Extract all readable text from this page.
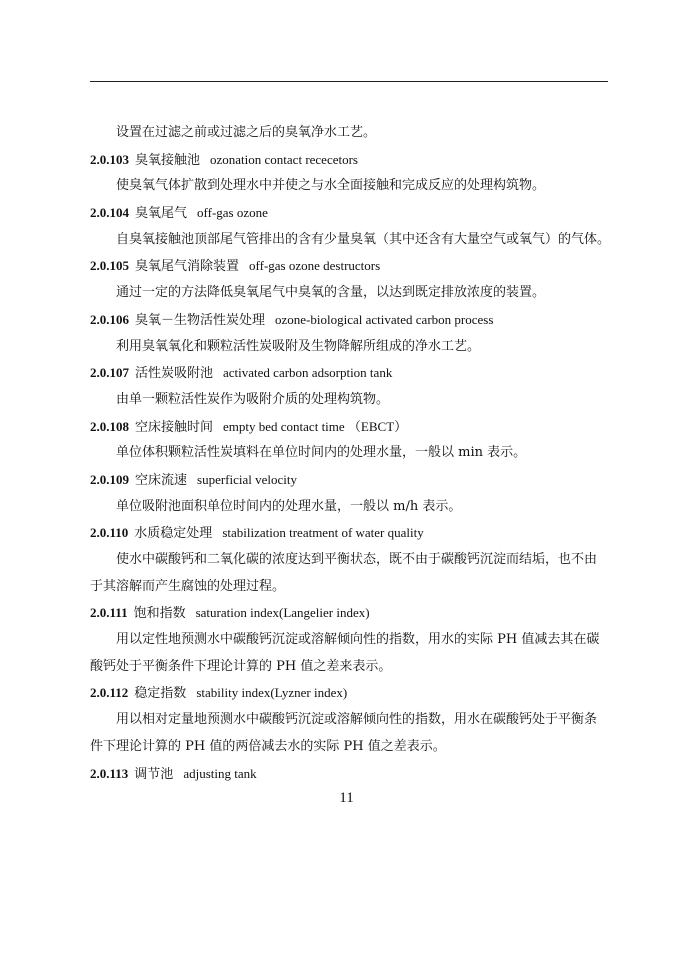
设置在过滤之前或过滤之后的臭氧净水工艺。
2.0.103 臭氧接触池 ozonation contact rececetors
使臭氧气体扩散到处理水中并使之与水全面接触和完成反应的处理构筑物。
2.0.104 臭氧尾气 off-gas ozone
自臭氧接触池顶部尾气管排出的含有少量臭氧（其中还含有大量空气或氧气）的气体。
2.0.105 臭氧尾气消除装置 off-gas ozone destructors
通过一定的方法降低臭氧尾气中臭氧的含量，以达到既定排放浓度的装置。
2.0.106 臭氧－生物活性炭处理 ozone-biological activated carbon process
利用臭氧氧化和颗粒活性炭吸附及生物降解所组成的净水工艺。
2.0.107 活性炭吸附池 activated carbon adsorption tank
由单一颗粒活性炭作为吸附介质的处理构筑物。
2.0.108 空床接触时间 empty bed contact time （EBCT）
单位体积颗粒活性炭填料在单位时间内的处理水量，一般以 min 表示。
2.0.109 空床流速 superficial velocity
单位吸附池面积单位时间内的处理水量，一般以 m/h 表示。
2.0.110 水质稳定处理 stabilization treatment of water quality
使水中碳酸钙和二氧化碳的浓度达到平衡状态，既不由于碳酸钙沉淀而结垢，也不由
于其溶解而产生腐蚀的处理过程。
2.0.111 饱和指数 saturation index(Langelier index)
用以定性地预测水中碳酸钙沉淀或溶解倾向性的指数，用水的实际 PH 值减去其在碳
酸钙处于平衡条件下理论计算的 PH 值之差来表示。
2.0.112 稳定指数 stability index(Lyzner index)
用以相对定量地预测水中碳酸钙沉淀或溶解倾向性的指数，用水在碳酸钙处于平衡条
件下理论计算的 PH 值的两倍减去水的实际 PH 值之差表示。
2.0.113 调节池 adjusting tank
11
